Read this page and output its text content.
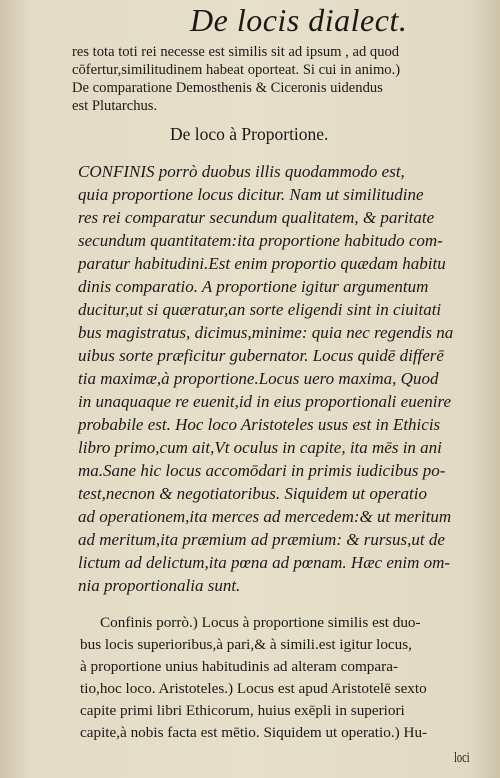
De locis dialect.
res tota toti rei necesse est similis sit ad ipsum , ad quod
cōfertur,similitudinem habeat oporteat. Si cui in animo.)
De comparatione Demosthenis & Ciceronis uidendus
est Plutarchus.
De loco à Proportione.
CONFINIS porrò duobus illis quodammodo est,
quia proportione locus dicitur. Nam ut similitudine
res rei comparatur secundum qualitatem, & paritate
secundum quantitatem:ita proportione habitudo com-
paratur habitudini.Est enim proportio quædam habitu
dinis comparatio. A proportione igitur argumentum
ducitur,ut si quæratur,an sorte eligendi sint in ciuitati
bus magistratus, dicimus,minime: quia nec regendis na
uibus sorte præficitur gubernator. Locus quidē differē
tia maximæ,à proportione.Locus uero maxima, Quod
in unaquaque re euenit,id in eius proportionali euenire
probabile est. Hoc loco Aristoteles usus est in Ethicis
libro primo,cum ait,Vt oculus in capite, ita mēs in ani
ma.Sane hic locus accomōdari in primis iudicibus po-
test,necnon & negotiatoribus. Siquidem ut operatio
ad operationem,ita merces ad mercedem:& ut meritum
ad meritum,ita præmium ad præmium: & rursus,ut de
lictum ad delictum,ita pœna ad pœnam. Hæc enim om-
nia proportionalia sunt.
Confinis porrò.) Locus à proportione similis est duo-
bus locis superioribus,à pari,& à simili.est igitur locus,
à proportione unius habitudinis ad alteram compara-
tio,hoc loco. Aristoteles.) Locus est apud Aristotelē sexto
capite primi libri Ethicorum, huius exēpli in superiori
capite,à nobis facta est mētio. Siquidem ut operatio.) Hu-
loci
